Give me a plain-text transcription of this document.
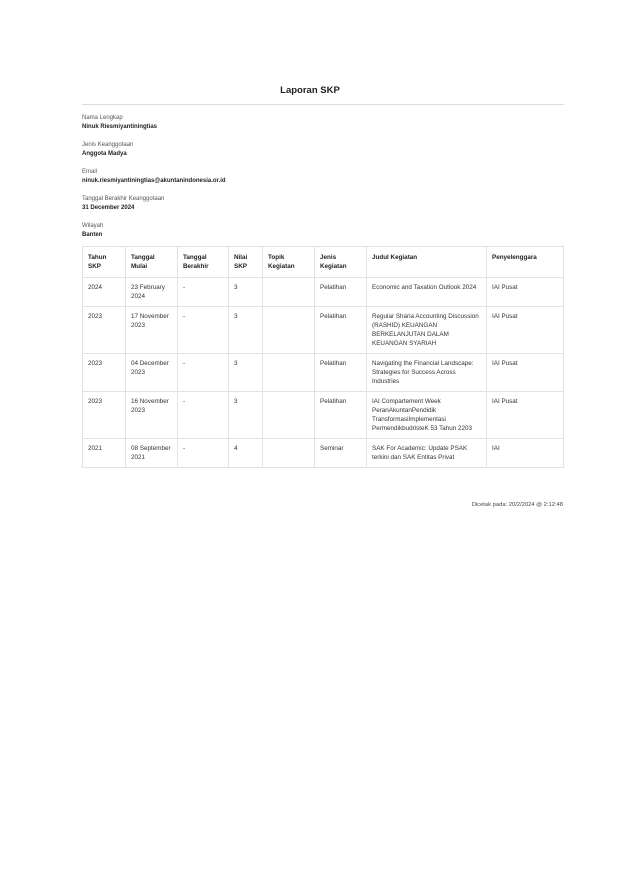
Laporan SKP
Nama Lengkap
Ninuk Riesmiyantiningtias
Jenis Keanggotaan
Anggota Madya
Email
ninuk.riesmiyantiningtias@akuntanindonesia.or.id
Tanggal Berakhir Keanggotaan
31 December 2024
Wilayah
Banten
Tahun SKP	Tanggal Mulai	Tanggal Berakhir	Nilai SKP	Topik Kegiatan	Jenis Kegiatan	Judul Kegiatan	Penyelenggara
2024	23 February 2024	-	3		Pelatihan	Economic and Taxation Outlook 2024	IAI Pusat
2023	17 November 2023	-	3		Pelatihan	Regular Sharia Accounting Discussion (RASHID) KEUANGAN BERKELANJUTAN DALAM KEUANGAN SYARIAH	IAI Pusat
2023	04 December 2023	-	3		Pelatihan	Navigating the Financial Landscape: Strategies for Success Across Industries	IAI Pusat
2023	16 November 2023	-	3		Pelatihan	IAI Compartement Week PeranAkuntanPendidik TransformasiImplementasi PermendikbudristeK 53 Tahun 2203	IAI Pusat
2021	08 September 2021	-	4		Seminar	SAK For Academic: Update PSAK terkini dan SAK Entitas Privat	IAI
Dicetak pada: 20/2/2024 @ 2:12:48
